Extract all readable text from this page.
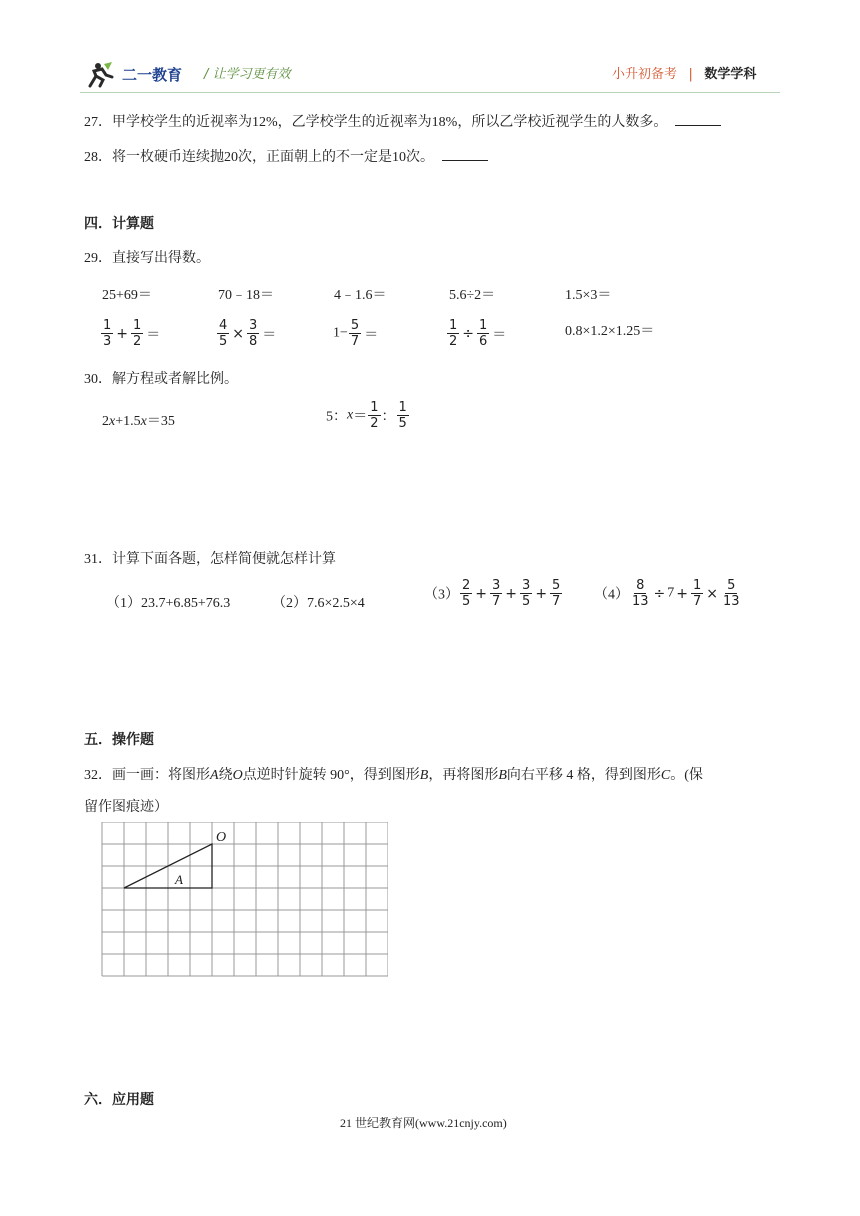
二一教育 / 让学习更有效	小升初备考 | 数学学科
27．甲学校学生的近视率为12%，乙学校学生的近视率为18%，所以乙学校近视学生的人数多。
28．将一枚硬币连续抛20次，正面朝上的不一定是10次。
四．计算题
29．直接写出得数。
25+69＝	70﹣18＝	4﹣1.6＝	5.6÷2＝	1.5×3＝
$\frac{1}{3} + \frac{1}{2}$ ＝	$\frac{4}{5} \times \frac{3}{8}$ ＝	$1- \frac{5}{7}$ ＝	$\frac{1}{2} \div \frac{1}{6}$ ＝	0.8×1.2×1.25＝
30．解方程或者解比例。
2x+1.5x＝35	5：$x= \frac{1}{2}$ ： $\frac{1}{5}$
31．计算下面各题，怎样简便就怎样计算
（1）23.7+6.85+76.3	（2）7.6×2.5×4
$(3) \frac{2}{5} + \frac{3}{7} + \frac{3}{5} + \frac{5}{7} (4) \frac{8}{13} \div 7 + \frac{1}{7} \times \frac{5}{13}$
五．操作题
32．画一画：将图形A绕O点逆时针旋转 90°，得到图形B，再将图形B向右平移 4 格，得到图形C。(保
留作图痕迹）
O
A
六．应用题
21 世纪教育网(www.21cnjy.com)
